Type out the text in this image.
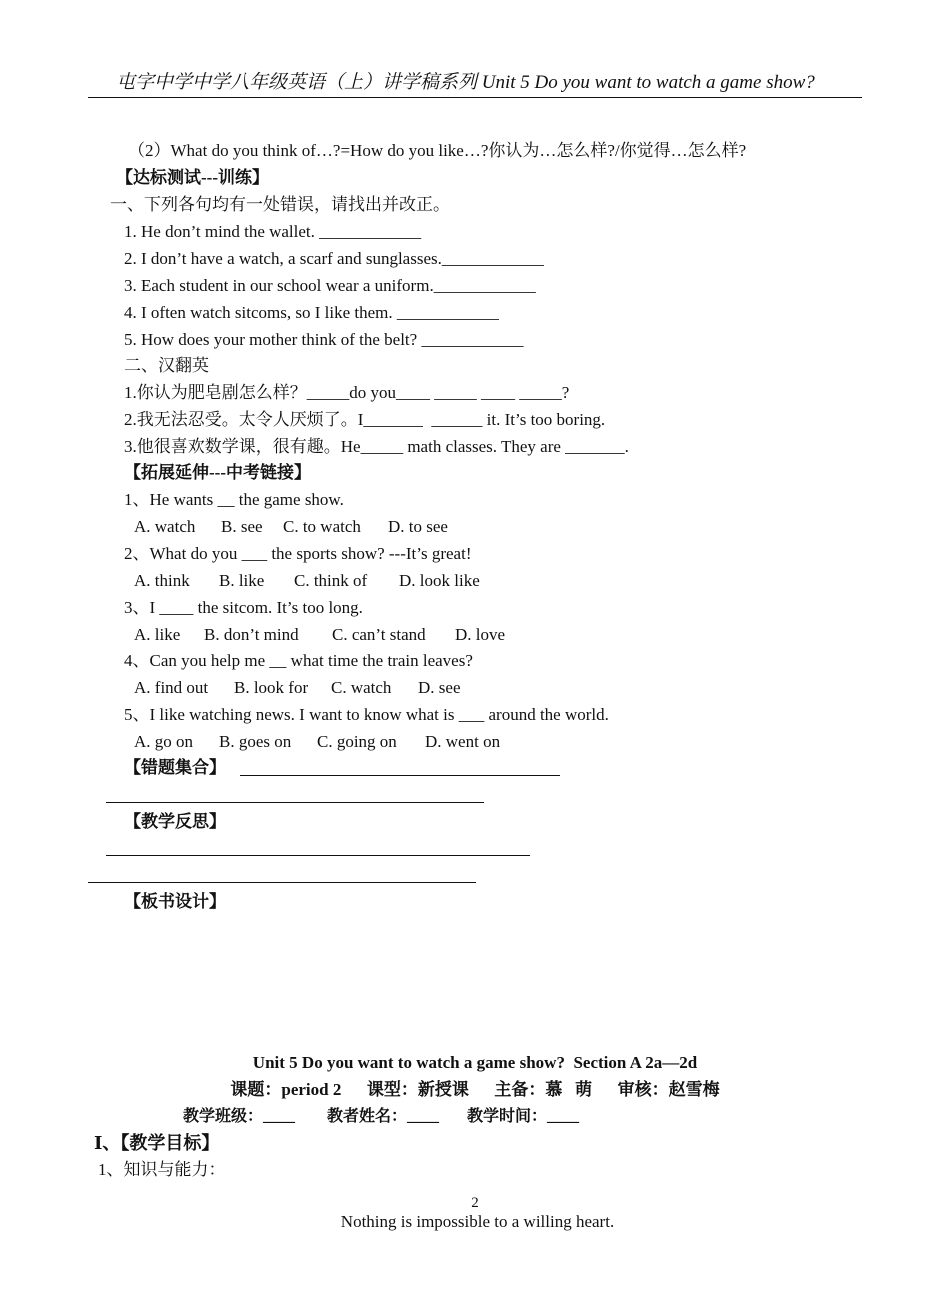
屯字中学中学八年级英语（上）讲学稿系列 Unit 5 Do you want to watch a game show?
（2）What do you think of…?=How do you like…?你认为…怎么样?/你觉得…怎么样?
【达标测试---训练】
一、下列各句均有一处错误，请找出并改正。
1. He don’t mind the wallet. ____________
2. I don’t have a watch, a scarf and sunglasses.____________
3. Each student in our school wear a uniform.____________
4. I often watch sitcoms, so I like them. ____________
5. How does your mother think of the belt? ____________
二、汉翻英
1.你认为肥皂剧怎么样？_____do you____ _____ ____ _____?
2.我无法忍受。太令人厌烦了。I_______  ______ it. It’s too boring.
3.他很喜欢数学课，很有趣。He_____ math classes. They are _______.
【拓展延伸---中考链接】
1、He wants __ the game show.
A. watch B. see C. to watch D. to see
2、What do you ___ the sports show? ---It’s great!
A. think B. like C. think of D. look like
3、I ____ the sitcom. It’s too long.
A. like B. don’t mind C. can’t stand D. love
4、Can you help me __ what time the train leaves?
A. find out B. look for C. watch D. see
5、I like watching news. I want to know what is ___ around the world.
A. go on B. goes on C. going on D. went on
【错题集合】
【教学反思】
【板书设计】
Unit 5 Do you want to watch a game show?  Section A 2a—2d
课题：period 2      课型：新授课      主备：慕   萌      审核：赵雪梅
教学班级：____        教者姓名：____       教学时间：____
Ⅰ、【教学目标】
1、知识与能力：
2
Nothing is impossible to a willing heart.
